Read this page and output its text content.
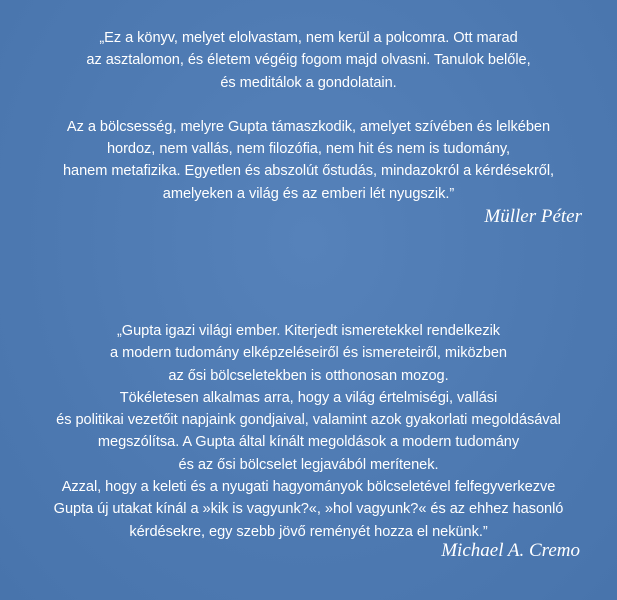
„Ez a könyv, melyet elolvastam, nem kerül a polcomra. Ott marad
az asztalomon, és életem végéig fogom majd olvasni. Tanulok belőle,
és meditálok a gondolatain.
Az a bölcsesség, melyre Gupta támaszkodik, amelyet szívében és lelkében
hordoz, nem vallás, nem filozófia, nem hit és nem is tudomány,
hanem metafizika. Egyetlen és abszolút őstudás, mindazokról a kérdésekről,
amelyeken a világ és az emberi lét nyugszik.”
Müller Péter
„Gupta igazi világi ember. Kiterjedt ismeretekkel rendelkezik
a modern tudomány elképzeléseiről és ismereteiről, miközben
az ősi bölcseletekben is otthonosan mozog.
Tökéletesen alkalmas arra, hogy a világ értelmiségi, vallási
és politikai vezetőit napjaink gondjaival, valamint azok gyakorlati megoldásával
megszólítsa. A Gupta által kínált megoldások a modern tudomány
és az ősi bölcselet legjavából merítenek.
Azzal, hogy a keleti és a nyugati hagyományok bölcseletével felfegyverkezve
Gupta új utakat kínál a »kik is vagyunk?«, »hol vagyunk?« és az ehhez hasonló
kérdésekre, egy szebb jövő reményét hozza el nekünk.”
Michael A. Cremo
